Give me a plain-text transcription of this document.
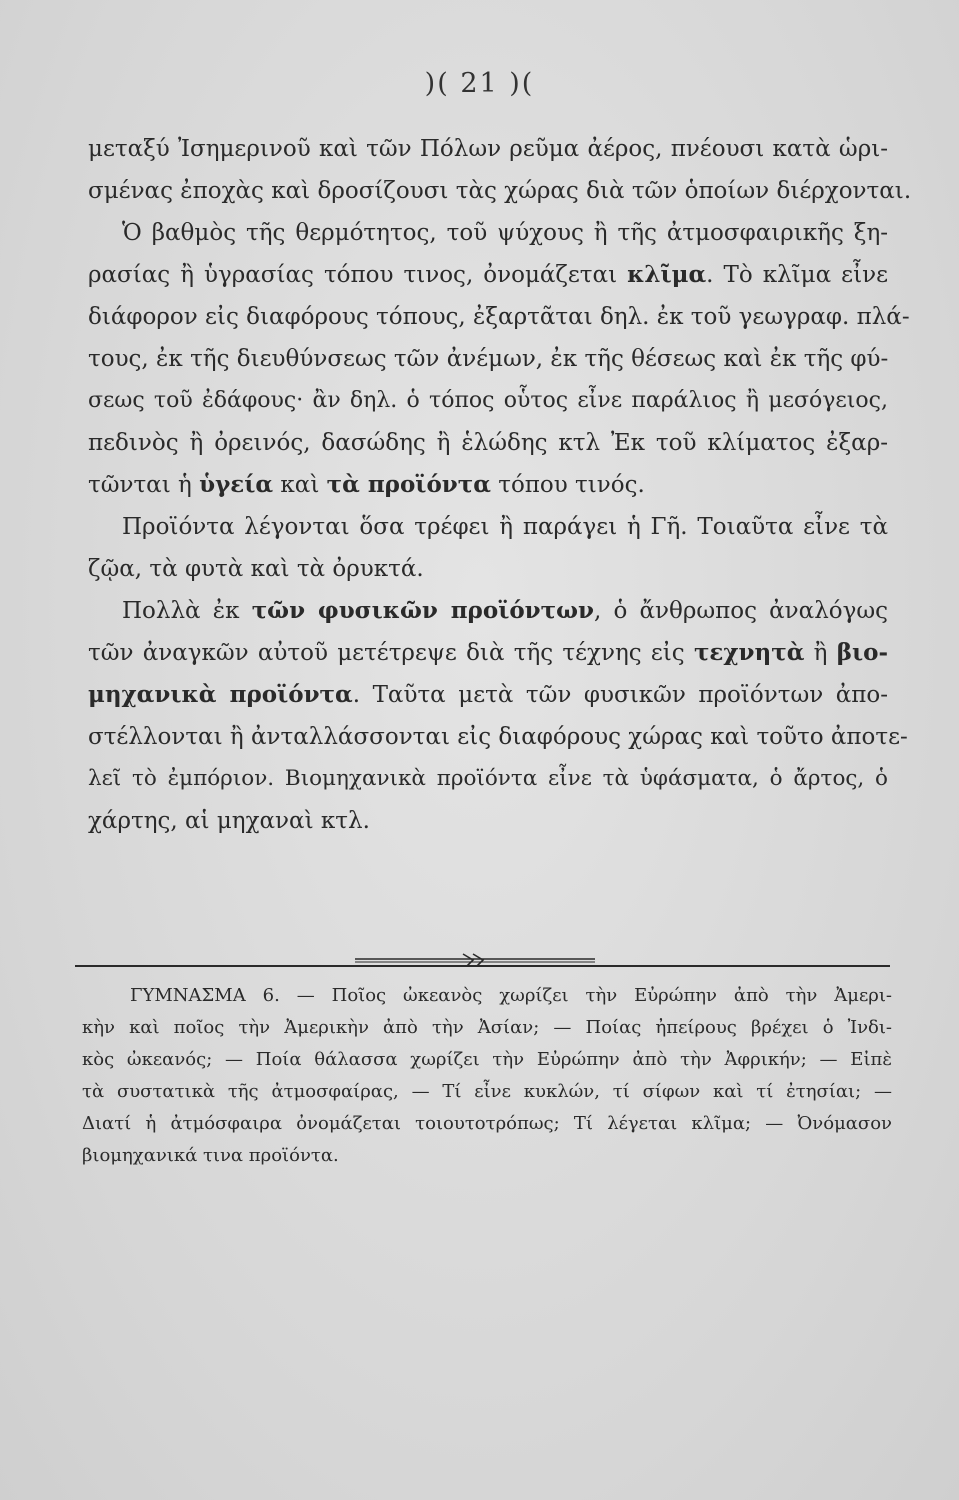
)( 21 )(
μεταξύ Ἰσημερινοῦ καὶ τῶν Πόλων ρεῦμα ἀέρος, πνέουσι κατὰ ὡρι-
σμένας ἐποχὰς καὶ δροσίζουσι τὰς χώρας διὰ τῶν ὁποίων διέρχονται.
Ὁ βαθμὸς τῆς θερμότητος, τοῦ ψύχους ἢ τῆς ἀτμοσφαιρικῆς ξη-
ρασίας ἢ ὑγρασίας τόπου τινος, ὀνομάζεται κλῖμα. Τὸ κλῖμα εἶνε
διάφορον εἰς διαφόρους τόπους, ἐξαρτᾶται δηλ. ἐκ τοῦ γεωγραφ. πλά-
τους, ἐκ τῆς διευθύνσεως τῶν ἀνέμων, ἐκ τῆς θέσεως καὶ ἐκ τῆς φύ-
σεως τοῦ ἐδάφους· ἂν δηλ. ὁ τόπος οὗτος εἶνε παράλιος ἢ μεσόγειος,
πεδινὸς ἢ ὀρεινός, δασώδης ἢ ἑλώδης κτλ Ἐκ τοῦ κλίματος ἐξαρ-
τῶνται ἡ ὑγεία καὶ τὰ προϊόντα τόπου τινός.
Προϊόντα λέγονται ὅσα τρέφει ἢ παράγει ἡ Γῆ. Τοιαῦτα εἶνε τὰ
ζῷα, τὰ φυτὰ καὶ τὰ ὀρυκτά.
Πολλὰ ἐκ τῶν φυσικῶν προϊόντων, ὁ ἄνθρωπος ἀναλόγως
τῶν ἀναγκῶν αὐτοῦ μετέτρεψε διὰ τῆς τέχνης εἰς τεχνητὰ ἢ βιο-
μηχανικὰ προϊόντα. Ταῦτα μετὰ τῶν φυσικῶν προϊόντων ἀπο-
στέλλονται ἢ ἀνταλλάσσονται εἰς διαφόρους χώρας καὶ τοῦτο ἀποτε-
λεῖ τὸ ἐμπόριον. Βιομηχανικὰ προϊόντα εἶνε τὰ ὑφάσματα, ὁ ἄρτος, ὁ
χάρτης, αἱ μηχαναὶ κτλ.
ΓΥΜΝΑΣΜΑ 6. — Ποῖος ὠκεανὸς χωρίζει τὴν Εὐρώπην ἀπὸ τὴν Ἀμερι-
κὴν καὶ ποῖος τὴν Ἀμερικὴν ἀπὸ τὴν Ἀσίαν; — Ποίας ἠπείρους βρέχει ὁ Ἰνδι-
κὸς ὠκεανός; — Ποία θάλασσα χωρίζει τὴν Εὐρώπην ἀπὸ τὴν Ἀφρικήν; — Εἰπὲ
τὰ συστατικὰ τῆς ἀτμοσφαίρας, — Τί εἶνε κυκλών, τί σίφων καὶ τί ἐτησίαι; —
Διατί ἡ ἀτμόσφαιρα ὀνομάζεται τοιουτοτρόπως; Τί λέγεται κλῖμα; — Ὀνόμασον
βιομηχανικά τινα προϊόντα.
